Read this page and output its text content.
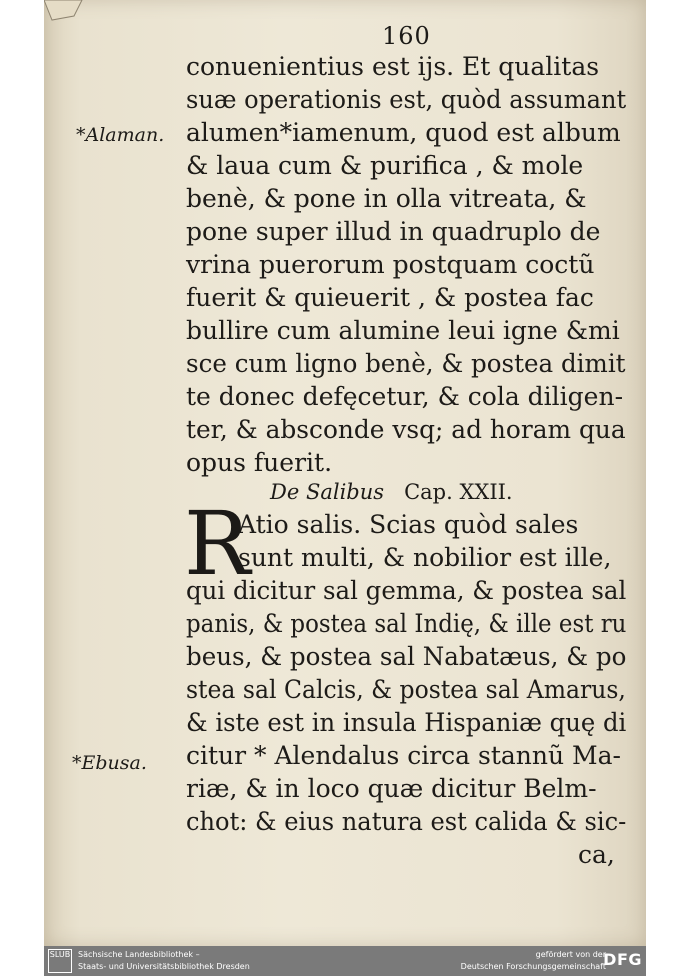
160
*Alaman.
*Ebusa.
conuenientius est ijs. Et qualitas
suæ operationis est, quòd assumant
alumen*iamenum, quod est album
& laua cum & purifica , & mole
benè, & pone in olla vitreata, &
pone super illud in quadruplo de
vrina puerorum postquam coctũ
fuerit & quieuerit , & postea fac
bullire cum alumine leui igne &mi
sce cum ligno benè, & postea dimit
te donec defęcetur, & cola diligen-
ter, & absconde vsq; ad horam qua
opus fuerit.
De Salibus Cap. XXII.
R
Atio salis. Scias quòd sales
sunt multi, & nobilior est ille,
qui dicitur sal gemma, & postea sal
panis, & postea sal Indię, & ille est ru
beus, & postea sal Nabatæus, & po
stea sal Calcis, & postea sal Amarus,
& iste est in insula Hispaniæ quę di
citur * Alendalus circa stannũ Ma-
riæ, & in loco quæ dicitur Belm-
chot: & eius natura est calida & sic-
ca,
SLUB Sächsische Landesbibliothek –
Staats- und Universitätsbibliothek Dresden
gefördert von der
Deutschen Forschungsgemeinschaft
DFG
